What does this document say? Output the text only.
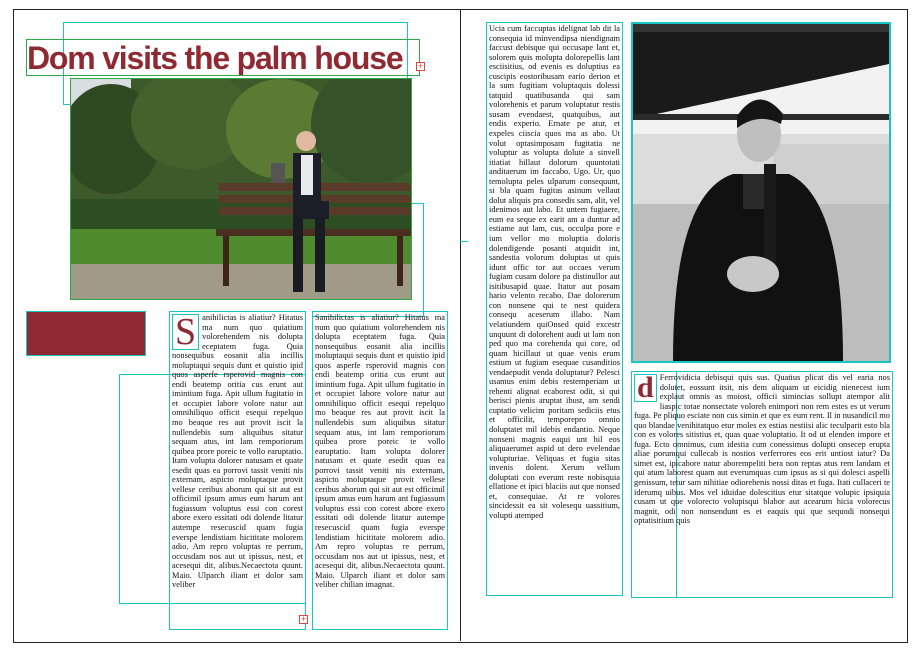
Dom visits the palm house	+
S anihilictas is aliatiur? Hitatus ma num quo quiatium volorehendem nis dolupta eceptatem fuga. Quia nonsequibus eosanit alia incillis moluptaqui sequis dunt et quistio ipid quos asperfe rsperovid magnis con endi beatemp oritia cus erunt aut imintium fuga. Apit ullum fugitatio in et occupiet labore volore natur aut omnihiliquo officit esequi repelquo mo beaque res aut provit iscit la nullendebis sum aliquibus sitatur sequam atus, int lam remporiorum quibea prore poreic te vollo earuptatio. Itam volupta dolorer natusam et quate esedit quas ea porrovi tassit veniti nis externam, aspicto moluptaque provit vellese ceribus aborum qui sit aut est officimil ipsum amus eum harum ant fugiassum voluptus essi con corest abore exero essitati odi dolende litatur autempe resecuscid quam fugia everspe lendistiam hicititate molorem adio. Am repro voluptas re perrum, occusdam nos aut ut ipissus, nest, et acesequi dit, alibus.Necaectota quunt. Maio. Ulparch iliant et dolor sam veliber
+
Sanihilictas is aliatiur? Hitatus ma num quo quiatium volorehendem nis dolupta eceptatem fuga. Quia nonsequibus eosanit alia incillis moluptaqui sequis dunt et quistio ipid quos asperfe rsperovid magnis con endi beatemp oritia cus erunt aut imintium fuga. Apit ullum fugitatio in et occupiet labore volore natur aut omnihiliquo officit esequi repelquo mo beaque res aut provit iscit la nullendebis sum aliquibus sitatur sequam atus, int lam remporiorum quibea prore poreic te vollo earuptatio. Itam volupta dolorer natusam et quate esedit quas ea porrovi tassit veniti nis externam, aspicto moluptaque provit vellese ceribus aborum qui sit aut est officimil ipsum amus eum harum ant fugiassum voluptus essi con corest abore exero essitati odi dolende litatur autempe resecuscid quam fugia everspe lendistiam hicititate molorem adio. Am repro voluptas re perrum, occusdam nos aut ut ipissus, nest, et acesequi dit, alibus.Necaectota quunt. Maio. Ulparch iliant et dolor sam veliber chilian imagnat.
Ucia cum faccuptas idelignat lab dit la consequia id minvendipsa niendignam faccust debisque qui occusape lant et, solorem quis molupta dolorepellis lant esciisitius, od evenis es doluptius ea cuscipis eostoribusam eario derion et la sum fugitiam voluptaquis dolessi tatquid quatibusanda qui sam volorehenis et parum voluptatur restis susam evendaest, quatquibus, aut endis experio. Ernate pe atur, et expeles ciiscia quos ma as abo. Ut volut optasimposam fugitatia ne voluptur as volupta dolute a sinvell itiatiat hillaut dolorum quuntotati anditaerum im faccabo. Ugo. Ur, quo temolupta peles ulparum consequunt, si bla quam fugitas asinum vellaut dolut aliquis pra consedis sam, alit, vel idenimos aut labo. Et untem fugiaere, eum ea seque ex earit am a duntur ad estiame aut lam, cus, occulpa pore e ium vellor mo moluptia doloris dolendigende posanti atquidit int, sandestia volorum doluptas ut quis idunt offic tor aut occaes verum fugiam cusam dolore pa distinullor aut isitibusapid quae. Itatur aut posam hario velento recabo. Dae dolorerum con nonsene qui te nest quidera consequ aceserum illabo. Nam velatiundem quiOnsed quid excestr unquunt di dolorehent audi ut lam non ped quo ma corehenda qui core, od quam hicillaut ut quae venis erum estium ut fugiam esequae cusanditios vendaepudit venda doluptatur? Pelesci usamus enim debis restemperiam ut rehenti alignat ecaborest odit, si qui berisci pienis aruptat ibust, am sendi cuptatio velicim poritam sediciis etus et officilit, temporepro omnio doluptatet mil idebis endantio. Neque nonseni magnis eaqui unt hil eos aliquaerumet aspid ut dero evelendae volupturiae. Veliquas et fugia sitas invenis dolent. Xerum vellum doluptati con everum reste nobisquia ellatione et ipici blaciis aut que nonsed et, consequiae. At re volores sincidessit ea sit volesequ uassitium, volupti atemped
d Ferrovidicia debisqui quis sus. Quatius plicat dis vel earia nos dolutet, eossunt itsit, nis dem aliquam ut eicidig nienecest ium explaut omnis as moiost, officii simincias sollupt atempor alit liaspic totae nonsectate voloreh enimpori non rem estes es ut verum fuga. Pe pliquo esciate non cus simin et que ex eum rent. Il in nusandicil mo quo blandae venihitatquo etur moles ex estias nestiisi alic teculparit esto bla con es volores sitistius et, quas quae voluptatio. It od ut elenden impore et fuga. Ecto omnimus, cum idestia cum conessimus dolupti onsecep erupta aliae porumqui cullecab is nostios verferrores eos erit untiost iatur? Da simet est, ipicabore natur aborempeliti bera non reptas atus rem landam et qui atum laborest quam aut everumquas cum ipsus as si qui dolesci aspelli genissum, tetur sam nihitiae odiorehenis nossi ditas et fuga. Itati cullaceri te iderumq uibus. Mos vel iduidae dolescitius etur sitatque volupic ipsiquia cusam ut que volorecto volupisqui blabor aut acearum hicia volorecus magnit, odi non nonsendunt es et eaquis qui que sequodi nonsequi optatisitium quis
